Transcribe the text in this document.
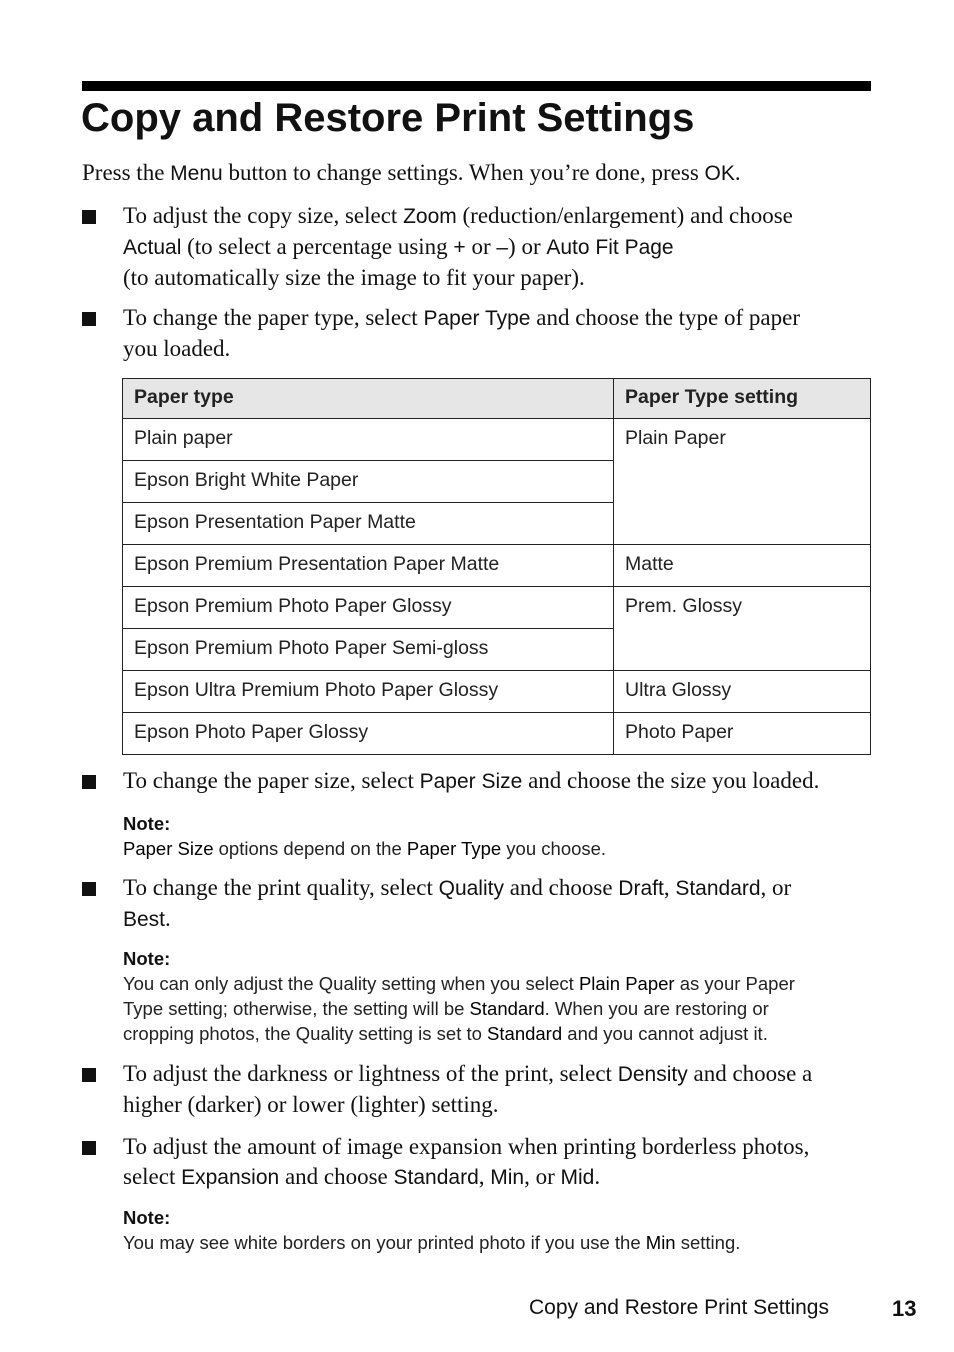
Copy and Restore Print Settings
Press the Menu button to change settings. When you’re done, press OK.
To adjust the copy size, select Zoom (reduction/enlargement) and choose
Actual (to select a percentage using + or –) or Auto Fit Page
(to automatically size the image to fit your paper).
To change the paper type, select Paper Type and choose the type of paper
you loaded.
Paper type	Paper Type setting
Plain paper	Plain Paper
Epson Bright White Paper	
Epson Presentation Paper Matte	
Epson Premium Presentation Paper Matte	Matte
Epson Premium Photo Paper Glossy	Prem. Glossy
Epson Premium Photo Paper Semi-gloss	
Epson Ultra Premium Photo Paper Glossy	Ultra Glossy
Epson Photo Paper Glossy	Photo Paper
To change the paper size, select Paper Size and choose the size you loaded.
Note:
Paper Size options depend on the Paper Type you choose.
To change the print quality, select Quality and choose Draft, Standard, or
Best.
Note:
You can only adjust the Quality setting when you select Plain Paper as your Paper
Type setting; otherwise, the setting will be Standard. When you are restoring or
cropping photos, the Quality setting is set to Standard and you cannot adjust it.
To adjust the darkness or lightness of the print, select Density and choose a
higher (darker) or lower (lighter) setting.
To adjust the amount of image expansion when printing borderless photos,
select Expansion and choose Standard, Min, or Mid.
Note:
You may see white borders on your printed photo if you use the Min setting.
Copy and Restore Print Settings	13
